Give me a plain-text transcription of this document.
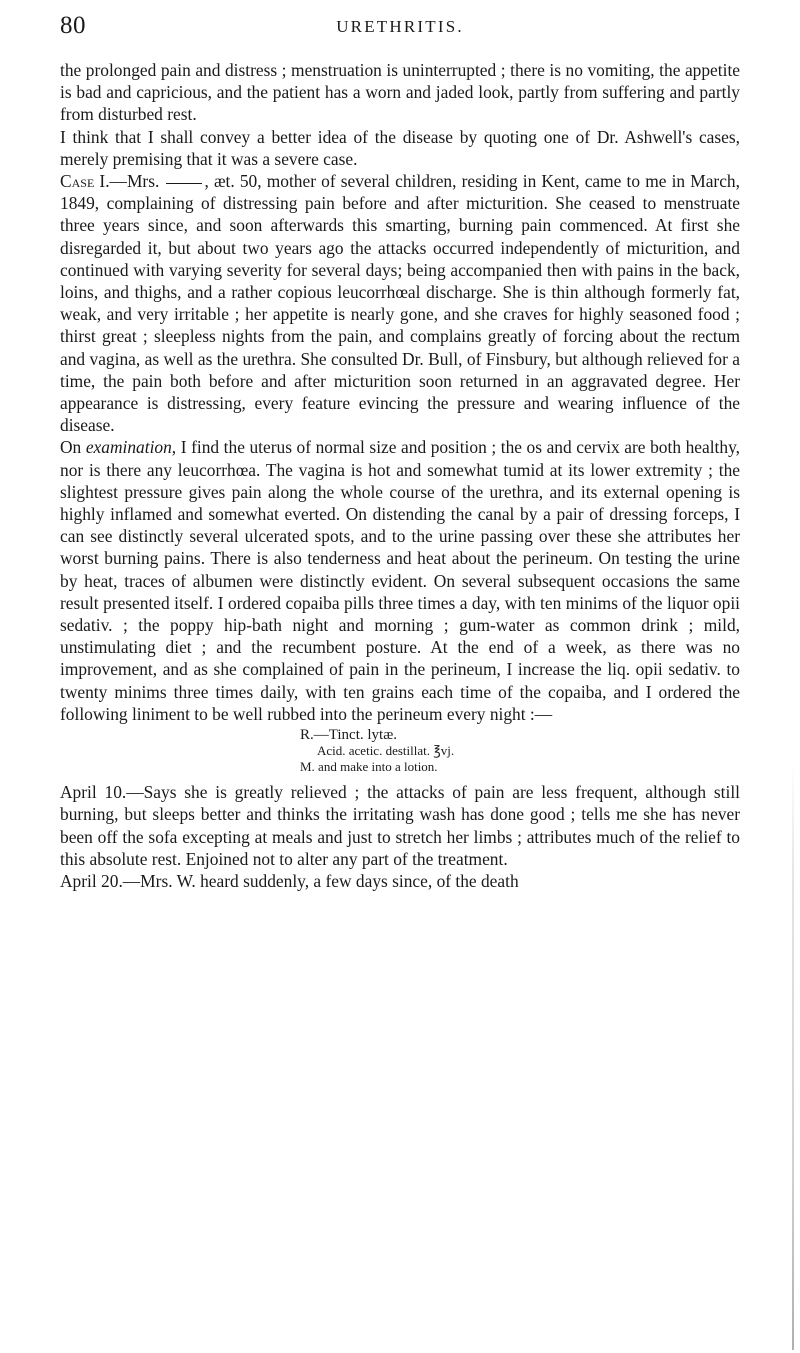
80	URETHRITIS.

the prolonged pain and distress ; menstruation is uninterrupted ; there is no vomiting, the appetite is bad and capricious, and the patient has a worn and jaded look, partly from suffering and partly from disturbed rest.

I think that I shall convey a better idea of the disease by quoting one of Dr. Ashwell's cases, merely premising that it was a severe case.

Case I.—Mrs.	, æt. 50, mother of several children, residing in Kent, came to me in March, 1849, complaining of distressing pain before and after micturition. She ceased to menstruate three years since, and soon afterwards this smarting, burning pain commenced. At first she disregarded it, but about two years ago the attacks occurred independently of micturition, and continued with varying severity for several days; being accompanied then with pains in the back, loins, and thighs, and a rather copious leucorrhœal discharge. She is thin although formerly fat, weak, and very irritable ; her appetite is nearly gone, and she craves for highly seasoned food ; thirst great ; sleepless nights from the pain, and complains greatly of forcing about the rectum and vagina, as well as the urethra. She consulted Dr. Bull, of Finsbury, but although relieved for a time, the pain both before and after micturition soon returned in an aggravated degree. Her appearance is distressing, every feature evincing the pressure and wearing influence of the disease.

On examination, I find the uterus of normal size and position ; the os and cervix are both healthy, nor is there any leucorrhœa. The vagina is hot and somewhat tumid at its lower extremity ; the slightest pressure gives pain along the whole course of the urethra, and its external opening is highly inflamed and somewhat everted. On distending the canal by a pair of dressing forceps, I can see distinctly several ulcerated spots, and to the urine passing over these she attributes her worst burning pains. There is also tenderness and heat about the perineum. On testing the urine by heat, traces of albumen were distinctly evident. On several subsequent occasions the same result presented itself. I ordered copaiba pills three times a day, with ten minims of the liquor opii sedativ. ; the poppy hip-bath night and morning ; gum-water as common drink ; mild, unstimulating diet ; and the recumbent posture. At the end of a week, as there was no improvement, and as she complained of pain in the perineum, I increase the liq. opii sedativ. to twenty minims three times daily, with ten grains each time of the copaiba, and I ordered the following liniment to be well rubbed into the perineum every night :—

R.—Tinct. lytæ.
Acid. acetic. destillat. ℥vj.
M. and make into a lotion.

April 10.—Says she is greatly relieved ; the attacks of pain are less frequent, although still burning, but sleeps better and thinks the irritating wash has done good ; tells me she has never been off the sofa excepting at meals and just to stretch her limbs ; attributes much of the relief to this absolute rest. Enjoined not to alter any part of the treatment.

April 20.—Mrs. W. heard suddenly, a few days since, of the death
